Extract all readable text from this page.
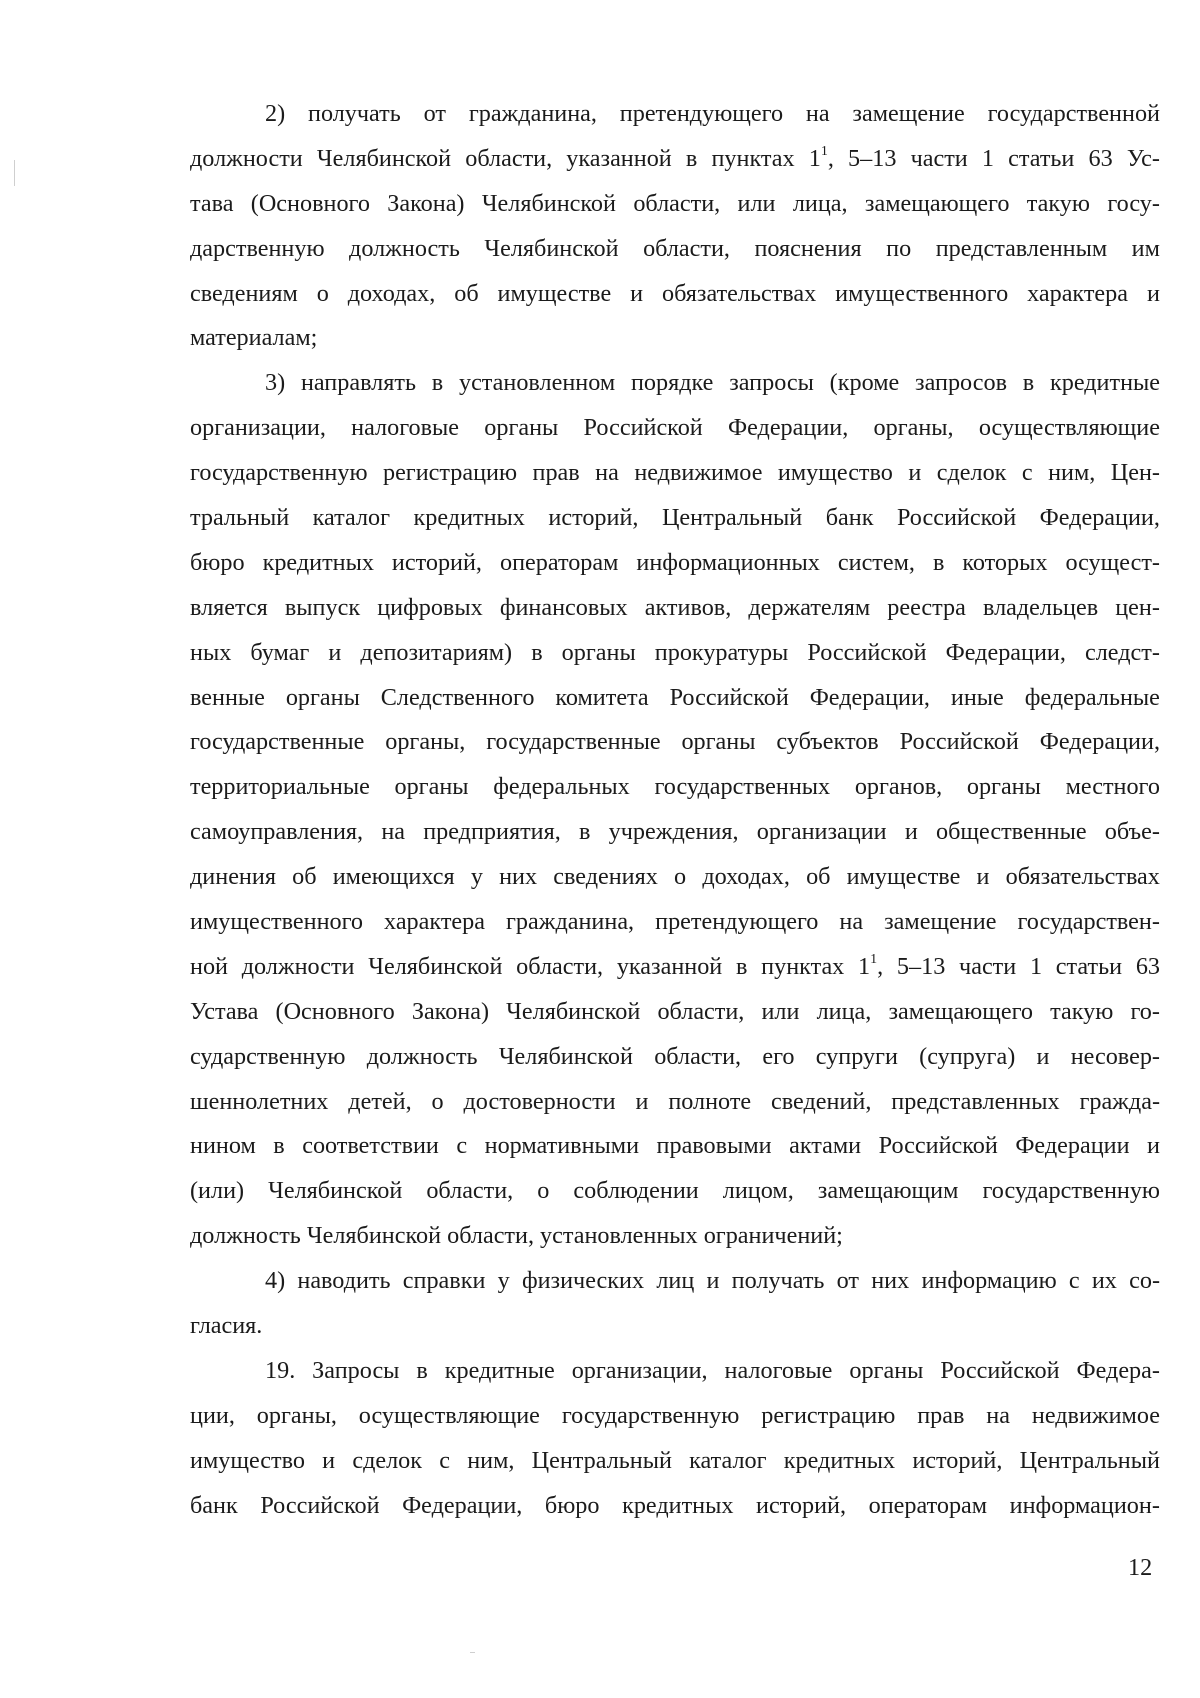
2) получать от гражданина, претендующего на замещение государственной
должности Челябинской области, указанной в пунктах 1$^1$, 5–13 части 1 статьи 63 Ус-
тава (Основного Закона) Челябинской области, или лица, замещающего такую госу-
дарственную должность Челябинской области, пояснения по представленным им
сведениям о доходах, об имуществе и обязательствах имущественного характера и
материалам;
3) направлять в установленном порядке запросы (кроме запросов в кредитные
организации, налоговые органы Российской Федерации, органы, осуществляющие
государственную регистрацию прав на недвижимое имущество и сделок с ним, Цен-
тральный каталог кредитных историй, Центральный банк Российской Федерации,
бюро кредитных историй, операторам информационных систем, в которых осущест-
вляется выпуск цифровых финансовых активов, держателям реестра владельцев цен-
ных бумаг и депозитариям) в органы прокуратуры Российской Федерации, следст-
венные органы Следственного комитета Российской Федерации, иные федеральные
государственные органы, государственные органы субъектов Российской Федерации,
территориальные органы федеральных государственных органов, органы местного
самоуправления, на предприятия, в учреждения, организации и общественные объе-
динения об имеющихся у них сведениях о доходах, об имуществе и обязательствах
имущественного характера гражданина, претендующего на замещение государствен-
ной должности Челябинской области, указанной в пунктах 1$^1$, 5–13 части 1 статьи 63
Устава (Основного Закона) Челябинской области, или лица, замещающего такую го-
сударственную должность Челябинской области, его супруги (супруга) и несовер-
шеннолетних детей, о достоверности и полноте сведений, представленных гражда-
нином в соответствии с нормативными правовыми актами Российской Федерации и
(или) Челябинской области, о соблюдении лицом, замещающим государственную
должность
Челябинской
области,
установленных
ограничений;
4) наводить справки у физических лиц и получать от них информацию с их со-
гласия.
19. Запросы в кредитные организации, налоговые органы Российской Федера-
ции, органы, осуществляющие государственную регистрацию прав на недвижимое
имущество и сделок с ним, Центральный каталог кредитных историй, Центральный
банк Российской Федерации, бюро кредитных историй, операторам информацион-
12
